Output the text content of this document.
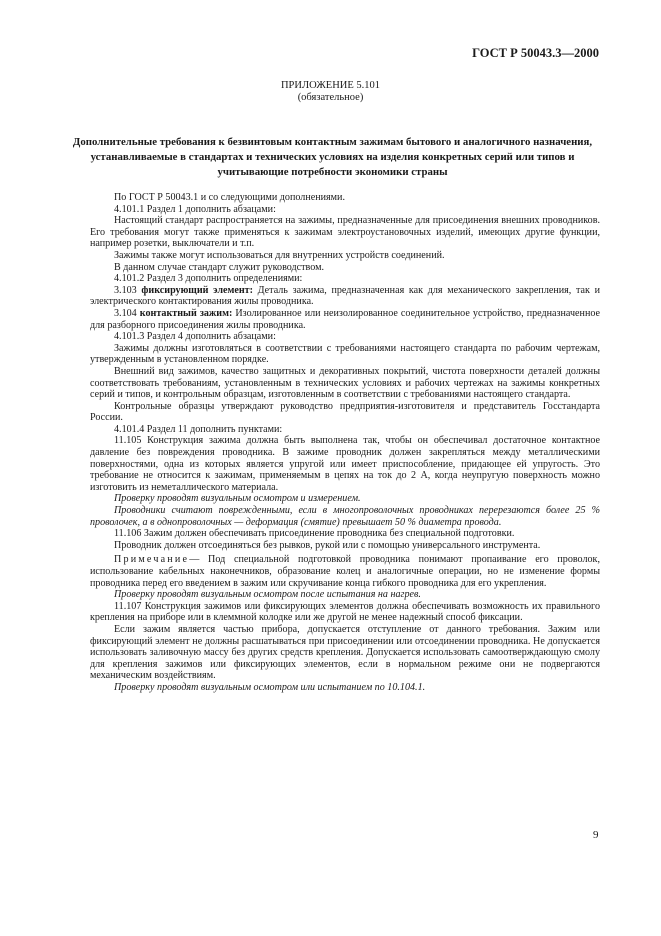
ГОСТ Р 50043.3—2000
ПРИЛОЖЕНИЕ 5.101
(обязательное)
Дополнительные требования к безвинтовым контактным зажимам бытового и аналогичного назначения, устанавливаемые в стандартах и технических условиях на изделия конкретных серий или типов и учитывающие потребности экономики страны

По ГОСТ Р 50043.1 и со следующими дополнениями.

4.101.1 Раздел 1 дополнить абзацами:

Настоящий стандарт распространяется на зажимы, предназначенные для присоединения внешних проводников. Его требования могут также применяться к зажимам электроустановочных изделий, имеющих другие функции, например розетки, выключатели и т.п.

Зажимы также могут использоваться для внутренних устройств соединений.

В данном случае стандарт служит руководством.

4.101.2 Раздел 3 дополнить определениями:

3.103 фиксирующий элемент: Деталь зажима, предназначенная как для механического закрепления, так и электрического контактирования жилы проводника.

3.104 контактный зажим: Изолированное или неизолированное соединительное устройство, предназначенное для разборного присоединения жилы проводника.

4.101.3 Раздел 4 дополнить абзацами:

Зажимы должны изготовляться в соответствии с требованиями настоящего стандарта по рабочим чертежам, утвержденным в установленном порядке.

Внешний вид зажимов, качество защитных и декоративных покрытий, чистота поверхности деталей должны соответствовать требованиям, установленным в технических условиях и рабочих чертежах на зажимы конкретных серий и типов, и контрольным образцам, изготовленным в соответствии с требованиями настоящего стандарта.

Контрольные образцы утверждают руководство предприятия-изготовителя и представитель Госстандарта России.

4.101.4 Раздел 11 дополнить пунктами:

11.105 Конструкция зажима должна быть выполнена так, чтобы он обеспечивал достаточное контактное давление без повреждения проводника. В зажиме проводник должен закрепляться между металлическими поверхностями, одна из которых является упругой или имеет приспособление, придающее ей упругость. Это требование не относится к зажимам, применяемым в цепях на ток до 2 А, когда неупругую поверхность можно изготовить из неметаллического материала.

Проверку проводят визуальным осмотром и измерением.

Проводники считают поврежденными, если в многопроволочных проводниках перерезаются более 25 % проволочек, а в однопроволочных — деформация (смятие) превышает 50 % диаметра провода.

11.106 Зажим должен обеспечивать присоединение проводника без специальной подготовки.

Проводник должен отсоединяться без рывков, рукой или с помощью универсального инструмента.

Примечание— Под специальной подготовкой проводника понимают пропаивание его проволок, использование кабельных наконечников, образование колец и аналогичные операции, но не изменение формы проводника перед его введением в зажим или скручивание конца гибкого проводника для его укрепления.

Проверку проводят визуальным осмотром после испытания на нагрев.

11.107 Конструкция зажимов или фиксирующих элементов должна обеспечивать возможность их правильного крепления на приборе или в клеммной колодке или же другой не менее надежный способ фиксации.

Если зажим является частью прибора, допускается отступление от данного требования. Зажим или фиксирующий элемент не должны расшатываться при присоединении или отсоединении проводника. Не допускается использовать заливочную массу без других средств крепления. Допускается использовать самоотверждающую смолу для крепления зажимов или фиксирующих элементов, если в нормальном режиме они не подвергаются механическим воздействиям.

Проверку проводят визуальным осмотром или испытанием по 10.104.1.

9
